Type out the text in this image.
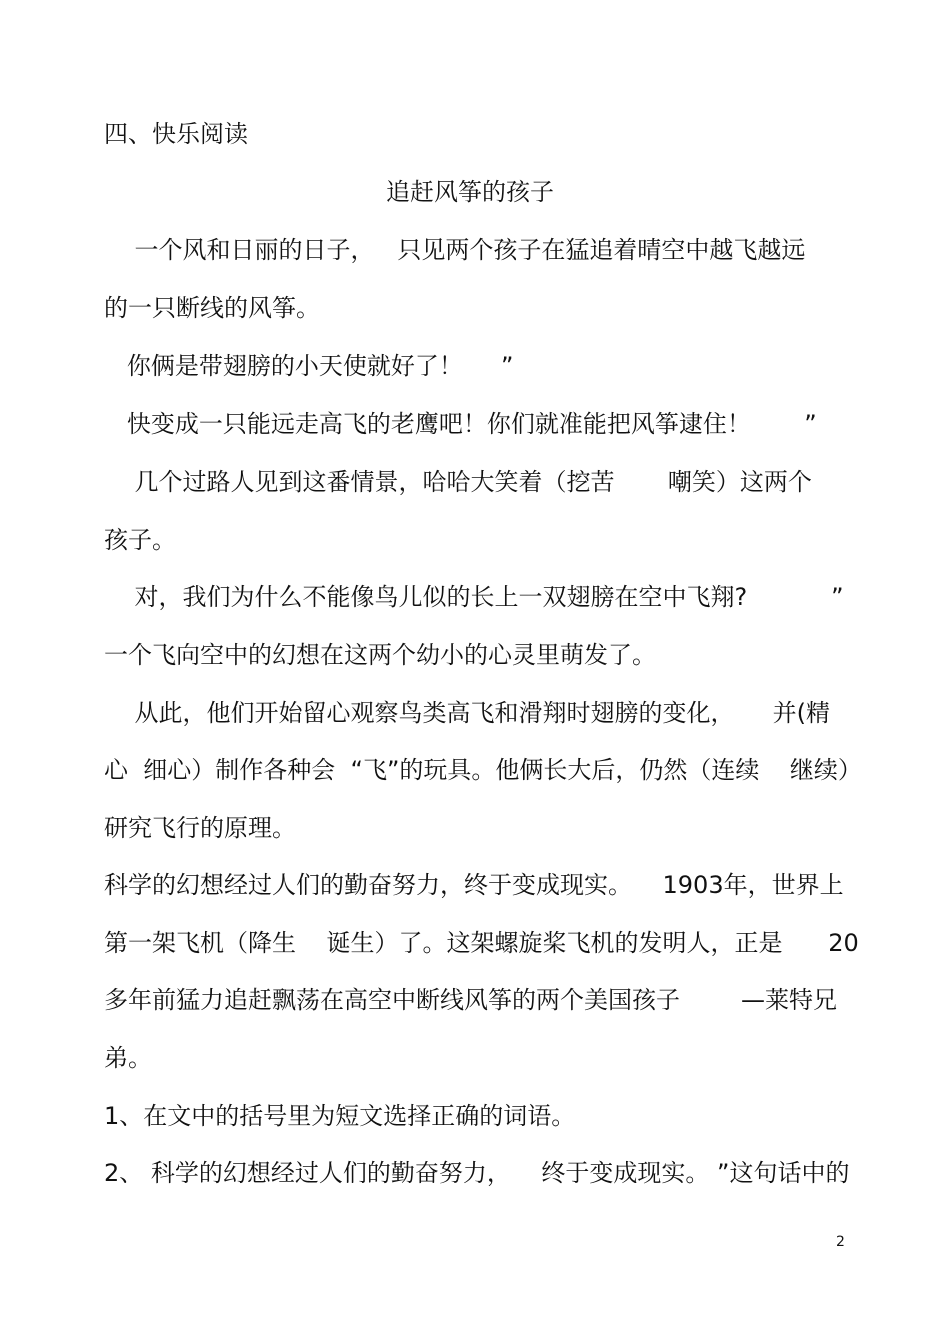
四、快乐阅读
追赶风筝的孩子
一个风和日丽的日子，   只见两个孩子在猛追着晴空中越飞越远
的一只断线的风筝。
你俩是带翅膀的小天使就好了！     ”
快变成一只能远走高飞的老鹰吧！你们就准能把风筝逮住！       ”
几个过路人见到这番情景，哈哈大笑着（挖苦       嘲笑）这两个
孩子。
对，我们为什么不能像鸟儿似的长上一双翅膀在空中飞翔?           ”
一个飞向空中的幻想在这两个幼小的心灵里萌发了。
从此，他们开始留心观察鸟类高飞和滑翔时翅膀的变化，     并(精
心  细心）制作各种会  “飞”的玩具。他俩长大后，仍然（连续    继续）
研究飞行的原理。
科学的幻想经过人们的勤奋努力，终于变成现实。    1903年，世界上
第一架飞机（降生    诞生）了。这架螺旋桨飞机的发明人，正是      20
多年前猛力追赶飘荡在高空中断线风筝的两个美国孩子        —莱特兄
弟。
1、在文中的括号里为短文选择正确的词语。
2、 科学的幻想经过人们的勤奋努力，    终于变成现实。 ”这句话中的
2
